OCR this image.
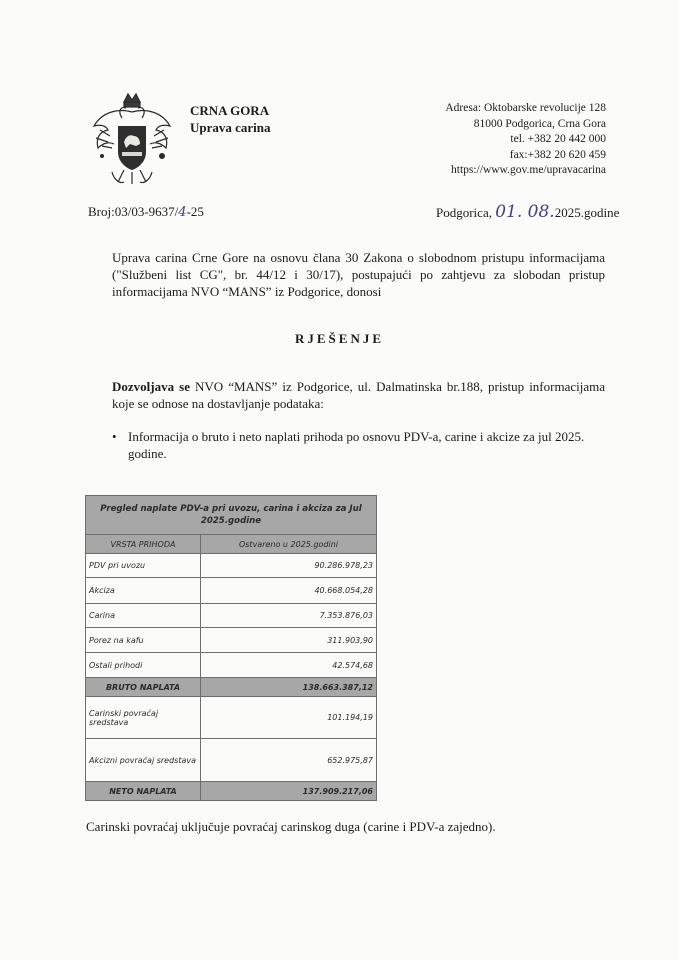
CRNA GORA
Uprava carina
Adresa: Oktobarske revolucije 128
81000 Podgorica, Crna Gora
tel. +382 20 442 000
fax:+382 20 620 459
https://www.gov.me/upravacarina
Broj:03/03-9637/4-25	Podgorica, 01. 08.2025.godine
Uprava carina Crne Gore na osnovu člana 30 Zakona o slobodnom pristupu informacijama ("Službeni list CG", br. 44/12 i 30/17), postupajući po zahtjevu za slobodan pristup informacijama NVO “MANS” iz Podgorice, donosi
RJEŠENJE
Dozvoljava se NVO “MANS” iz Podgorice, ul. Dalmatinska br.188, pristup informacijama koje se odnose na dostavljanje podataka:
• Informacija o bruto i neto naplati prihoda po osnovu PDV-a, carine i akcize za jul 2025. godine.
Pregled naplate PDV-a pri uvozu, carina i akciza za Jul 2025.godine	
VRSTA PRIHODA	Ostvareno u 2025.godini
PDV pri uvozu	90.286.978,23
Akciza	40.668.054,28
Carina	7.353.876,03
Porez na kafu	311.903,90
Ostali prihodi	42.574,68
BRUTO NAPLATA	138.663.387,12
Carinski povraćaj sredstava	101.194,19
Akcizni povraćaj sredstava	652.975,87
NETO NAPLATA	137.909.217,06
Carinski povraćaj uključuje povraćaj carinskog duga (carine i PDV-a zajedno).
